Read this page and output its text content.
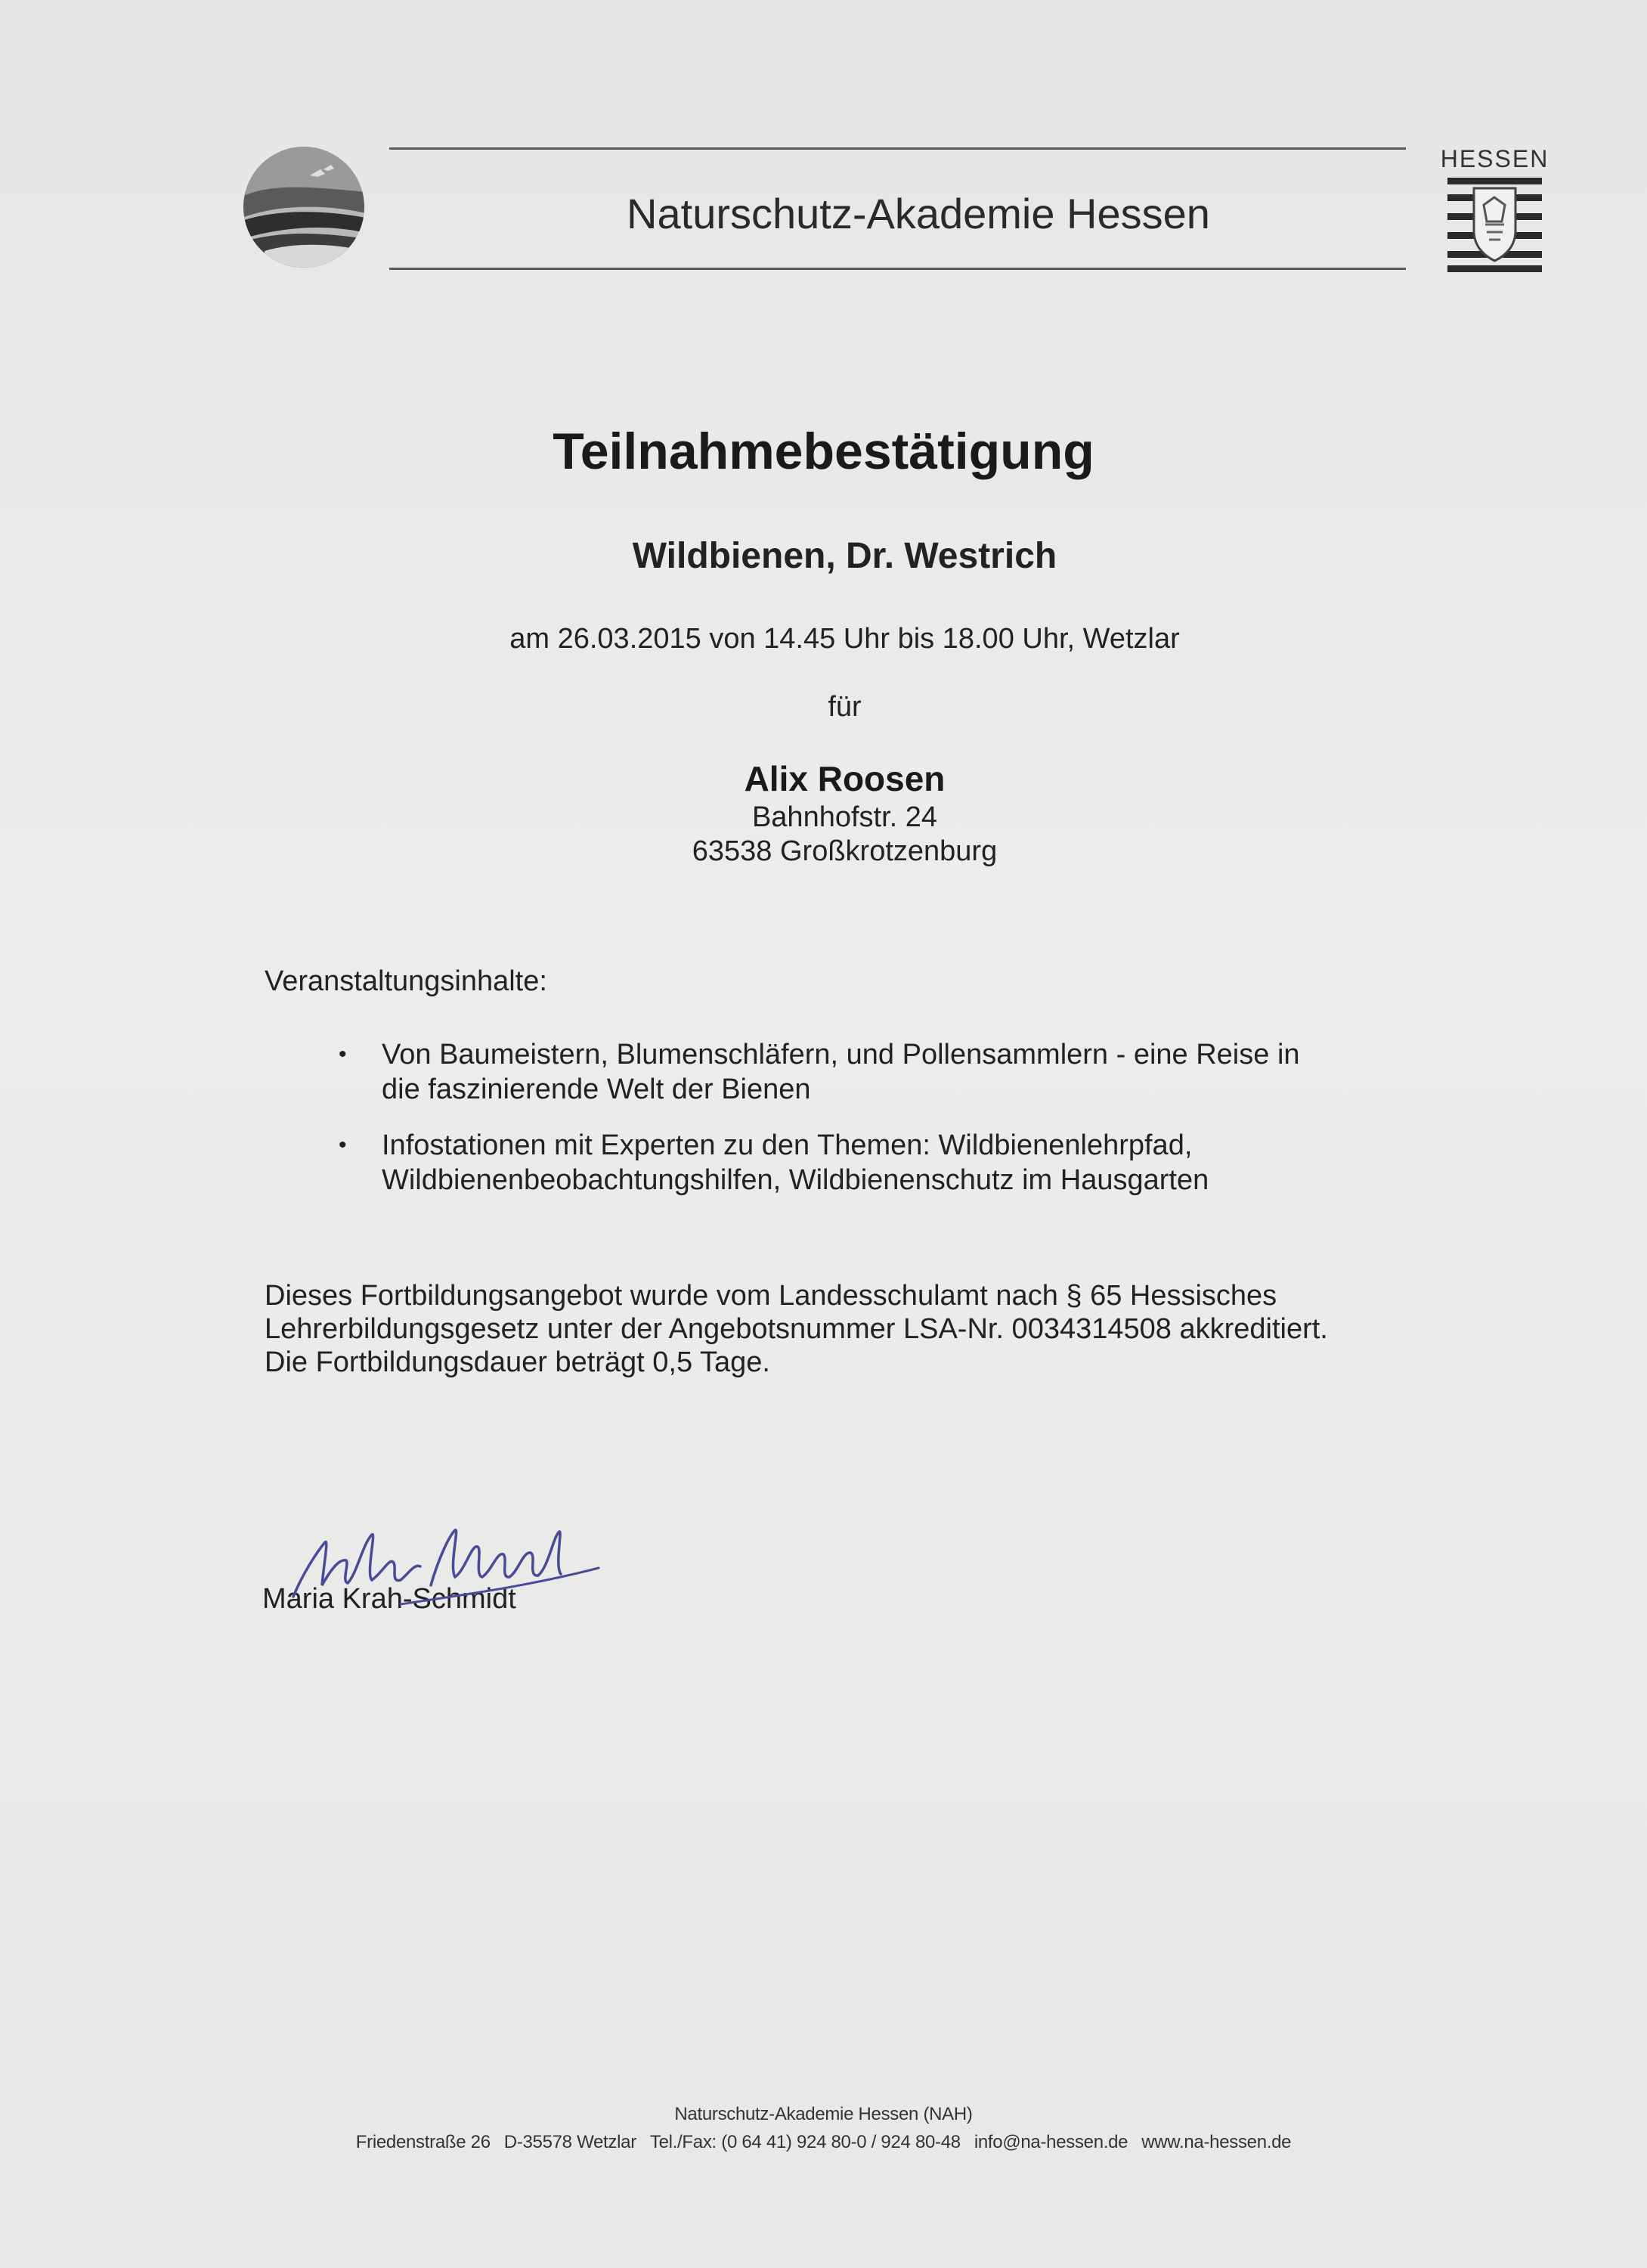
Naturschutz-Akademie Hessen
HESSEN
Teilnahmebestätigung
Wildbienen, Dr. Westrich
am 26.03.2015 von 14.45 Uhr bis 18.00 Uhr, Wetzlar
für
Alix Roosen
Bahnhofstr. 24
63538 Großkrotzenburg
Veranstaltungsinhalte:
• Von Baumeistern, Blumenschläfern, und Pollensammlern - eine Reise in
die faszinierende Welt der Bienen
• Infostationen mit Experten zu den Themen: Wildbienenlehrpfad,
Wildbienenbeobachtungshilfen, Wildbienenschutz im Hausgarten
Dieses Fortbildungsangebot wurde vom Landesschulamt nach § 65 Hessisches
Lehrerbildungsgesetz unter der Angebotsnummer LSA-Nr. 0034314508 akkreditiert.
Die Fortbildungsdauer beträgt 0,5 Tage.
Maria Krah-Schmidt
Naturschutz-Akademie Hessen (NAH)
Friedenstraße 26 D-35578 Wetzlar Tel./Fax: (0 64 41) 924 80-0 / 924 80-48 info@na-hessen.de www.na-hessen.de
